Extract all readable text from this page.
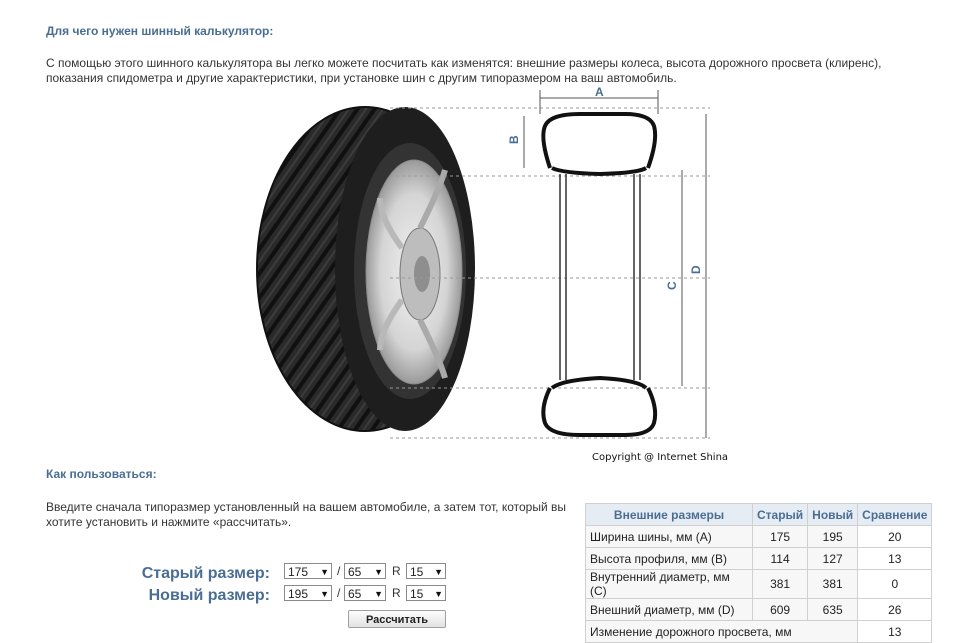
Для чего нужен шинный калькулятор:
С помощью этого шинного калькулятора вы легко можете посчитать как изменятся: внешние размеры колеса, высота дорожного просвета (клиренс),
показания спидометра и другие характеристики, при установке шин с другим типоразмером на ваш автомобиль.
A
B
C
D
Copyright @ Internet Shina
Как пользоваться:
Введите сначала типоразмер установленный на вашем автомобиле, а затем тот, который вы
хотите установить и нажмите «рассчитать».
Старый размер:	175 ▼ / 65 ▼ R 15 ▼
Новый размер:	195 ▼ / 65 ▼ R 15 ▼
Рассчитать
Внешние размеры	Старый	Новый	Сравнение
Ширина шины, мм (A)	175	195	20
Высота профиля, мм (B)	114	127	13
Внутренний диаметр, мм (C)	381	381	0
Внешний диаметр, мм (D)	609	635	26
Изменение дорожного просвета, мм			13
